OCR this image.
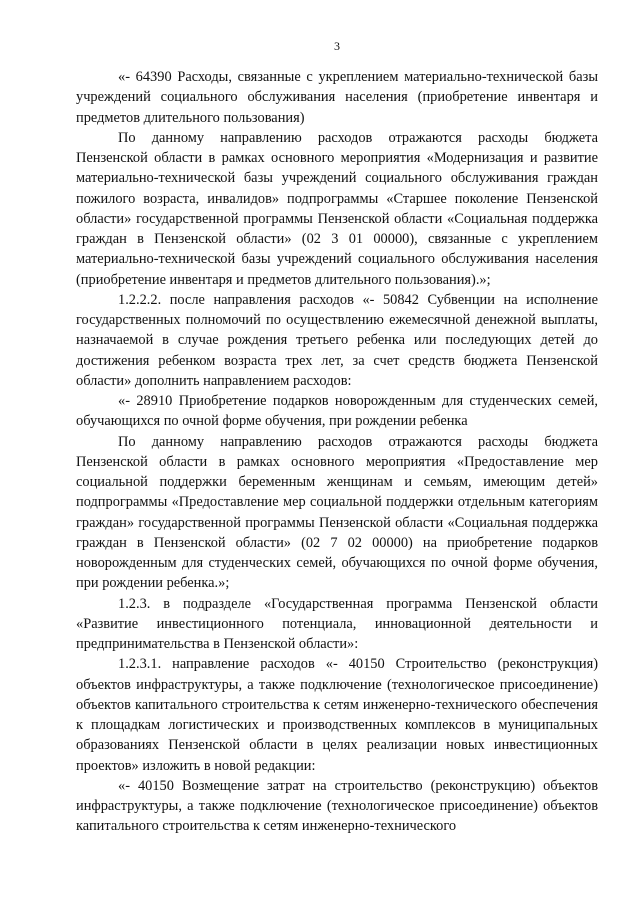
3

«- 64390 Расходы, связанные с укреплением материально-технической базы учреждений социального обслуживания населения (приобретение инвентаря и предметов длительного пользования)

По данному направлению расходов отражаются расходы бюджета Пензенской области в рамках основного мероприятия «Модернизация и развитие материально-технической базы учреждений социального обслуживания граждан пожилого возраста, инвалидов» подпрограммы «Старшее поколение Пензенской области» государственной программы Пензенской области «Социальная поддержка граждан в Пензенской области» (02 3 01 00000), связанные с укреплением материально-технической базы учреждений социального обслуживания населения (приобретение инвентаря и предметов длительного пользования).»;

1.2.2.2. после направления расходов «- 50842 Субвенции на исполнение государственных полномочий по осуществлению ежемесячной денежной выплаты, назначаемой в случае рождения третьего ребенка или последующих детей до достижения ребенком возраста трех лет, за счет средств бюджета Пензенской области» дополнить направлением расходов:

«- 28910 Приобретение подарков новорожденным для студенческих семей, обучающихся по очной форме обучения, при рождении ребенка

По данному направлению расходов отражаются расходы бюджета Пензенской области в рамках основного мероприятия «Предоставление мер социальной поддержки беременным женщинам и семьям, имеющим детей» подпрограммы «Предоставление мер социальной поддержки отдельным категориям граждан» государственной программы Пензенской области «Социальная поддержка граждан в Пензенской области» (02 7 02 00000) на приобретение подарков новорожденным для студенческих семей, обучающихся по очной форме обучения, при рождении ребенка.»;

1.2.3. в подразделе «Государственная программа Пензенской области «Развитие инвестиционного потенциала, инновационной деятельности и предпринимательства в Пензенской области»:

1.2.3.1. направление расходов «- 40150 Строительство (реконструкция) объектов инфраструктуры, а также подключение (технологическое присоединение) объектов капитального строительства к сетям инженерно-технического обеспечения к площадкам логистических и производственных комплексов в муниципальных образованиях Пензенской области в целях реализации новых инвестиционных проектов» изложить в новой редакции:

«- 40150 Возмещение затрат на строительство (реконструкцию) объектов инфраструктуры, а также подключение (технологическое присоединение) объектов капитального строительства к сетям инженерно-технического
